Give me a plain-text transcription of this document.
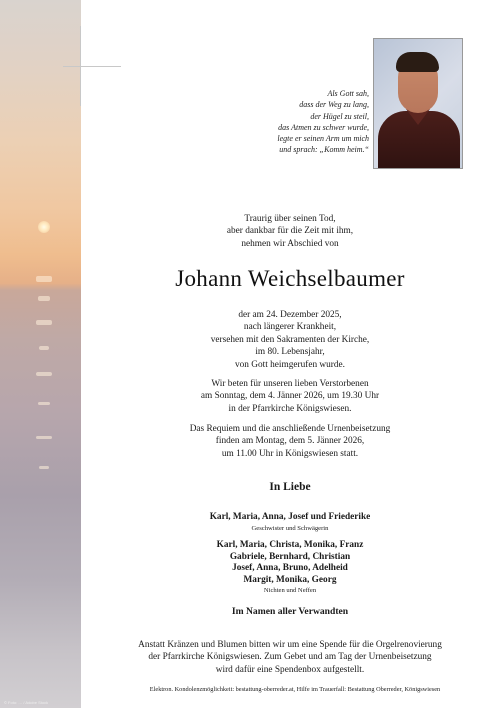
© Foto: … / Adobe Stock
Als Gott sah,
dass der Weg zu lang,
der Hügel zu steil,
das Atmen zu schwer wurde,
legte er seinen Arm um mich
und sprach: „Komm heim.“
Traurig über seinen Tod,
aber dankbar für die Zeit mit ihm,
nehmen wir Abschied von
Johann Weichselbaumer
der am 24. Dezember 2025,
nach längerer Krankheit,
versehen mit den Sakramenten der Kirche,
im 80. Lebensjahr,
von Gott heimgerufen wurde.
Wir beten für unseren lieben Verstorbenen
am Sonntag, dem 4. Jänner 2026, um 19.30 Uhr
in der Pfarrkirche Königswiesen.
Das Requiem und die anschließende Urnenbeisetzung
finden am Montag, dem 5. Jänner 2026,
um 11.00 Uhr in Königswiesen statt.
In Liebe
Karl, Maria, Anna, Josef und Friederike
Geschwister und Schwägerin
Karl, Maria, Christa, Monika, Franz
Gabriele, Bernhard, Christian
Josef, Anna, Bruno, Adelheid
Margit, Monika, Georg
Nichten und Neffen
Im Namen aller Verwandten
Anstatt Kränzen und Blumen bitten wir um eine Spende für die Orgelrenovierung
der Pfarrkirche Königswiesen. Zum Gebet und am Tag der Urnenbeisetzung
wird dafür eine Spendenbox aufgestellt.
Elektron. Kondolenzmöglichkeit: bestattung-oberreder.at, Hilfe im Trauerfall: Bestattung Oberreder, Königswiesen
